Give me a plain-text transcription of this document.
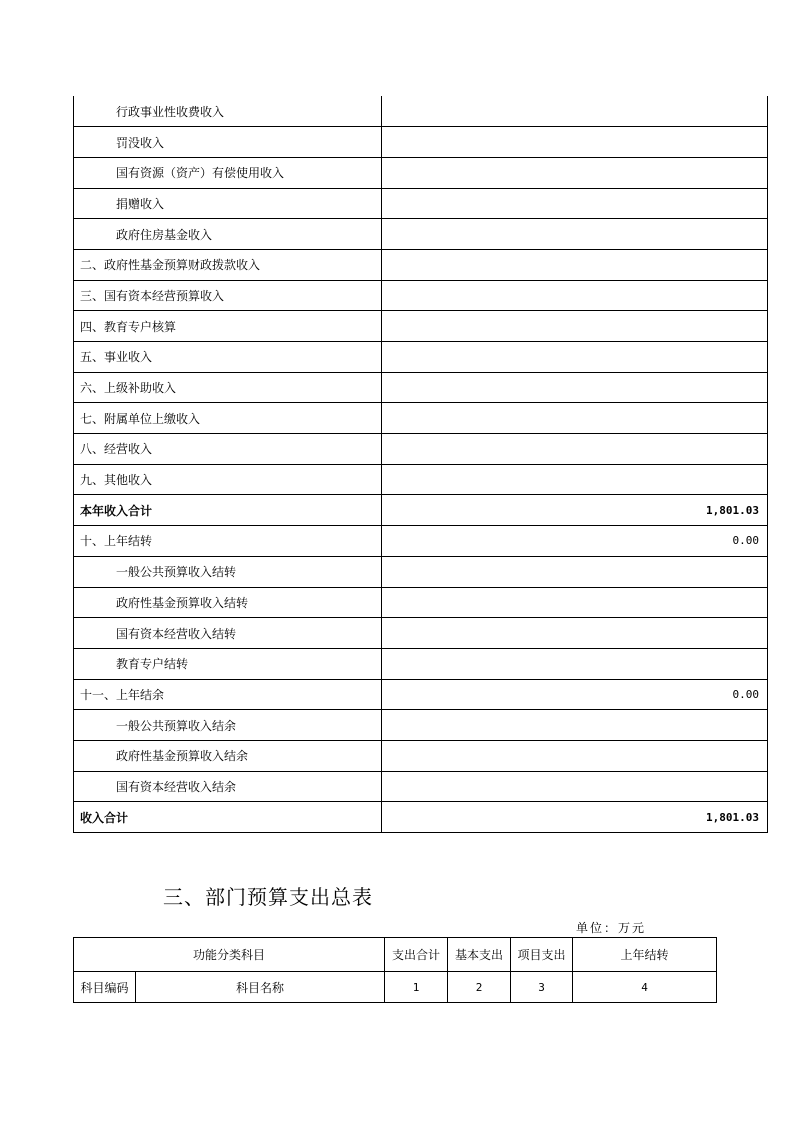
行政事业性收费收入	
罚没收入	
国有资源（资产）有偿使用收入	
捐赠收入	
政府住房基金收入	
二、政府性基金预算财政拨款收入	
三、国有资本经营预算收入	
四、教育专户核算	
五、事业收入	
六、上级补助收入	
七、附属单位上缴收入	
八、经营收入	
九、其他收入	
本年收入合计	1,801.03
十、上年结转	0.00
一般公共预算收入结转	
政府性基金预算收入结转	
国有资本经营收入结转	
教育专户结转	
十一、上年结余	0.00
一般公共预算收入结余	
政府性基金预算收入结余	
国有资本经营收入结余	
收入合计	1,801.03
三、部门预算支出总表
单位：万元
功能分类科目		支出合计	基本支出	项目支出	上年结转
科目编码	科目名称	1	2	3	4
